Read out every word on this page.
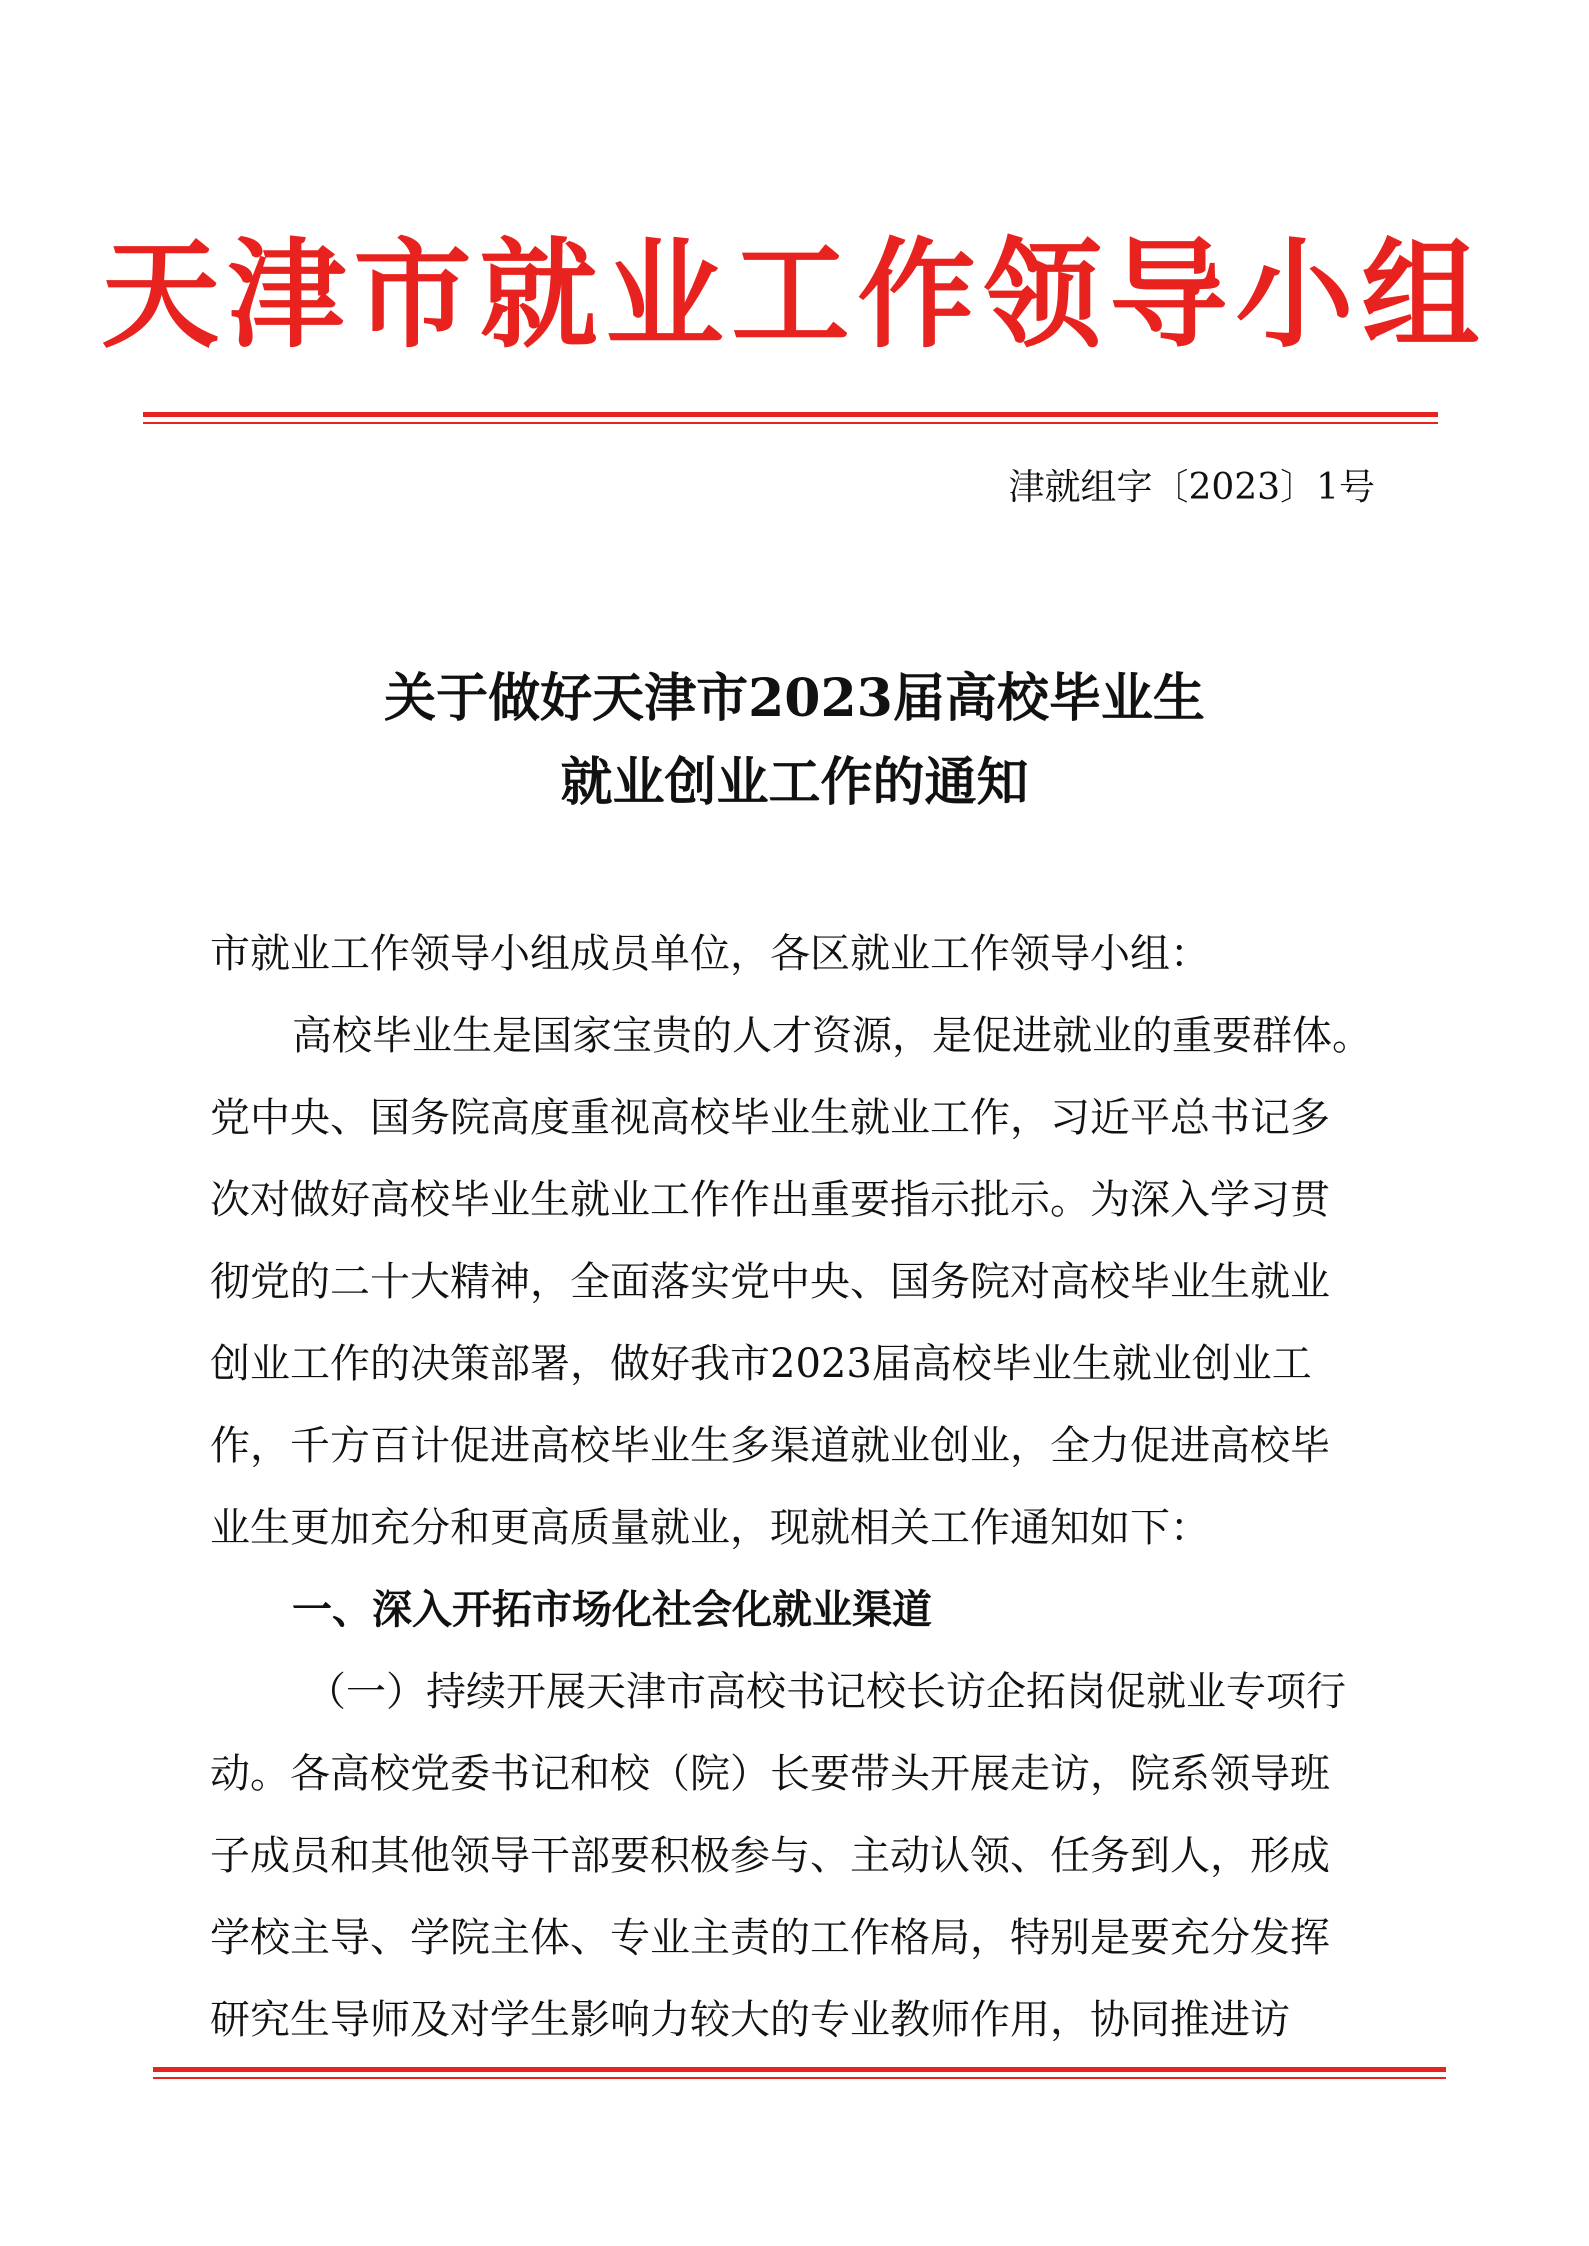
天津市就业工作领导小组
津就组字〔2023〕1号
关于做好天津市2023届高校毕业生
就业创业工作的通知
市就业工作领导小组成员单位，各区就业工作领导小组：
高校毕业生是国家宝贵的人才资源，是促进就业的重要群体。
党中央、国务院高度重视高校毕业生就业工作，习近平总书记多
次对做好高校毕业生就业工作作出重要指示批示。为深入学习贯
彻党的二十大精神，全面落实党中央、国务院对高校毕业生就业
创业工作的决策部署，做好我市2023届高校毕业生就业创业工
作，千方百计促进高校毕业生多渠道就业创业，全力促进高校毕
业生更加充分和更高质量就业，现就相关工作通知如下：
一、深入开拓市场化社会化就业渠道
（一）持续开展天津市高校书记校长访企拓岗促就业专项行
动。各高校党委书记和校（院）长要带头开展走访，院系领导班
子成员和其他领导干部要积极参与、主动认领、任务到人，形成
学校主导、学院主体、专业主责的工作格局，特别是要充分发挥
研究生导师及对学生影响力较大的专业教师作用，协同推进访
